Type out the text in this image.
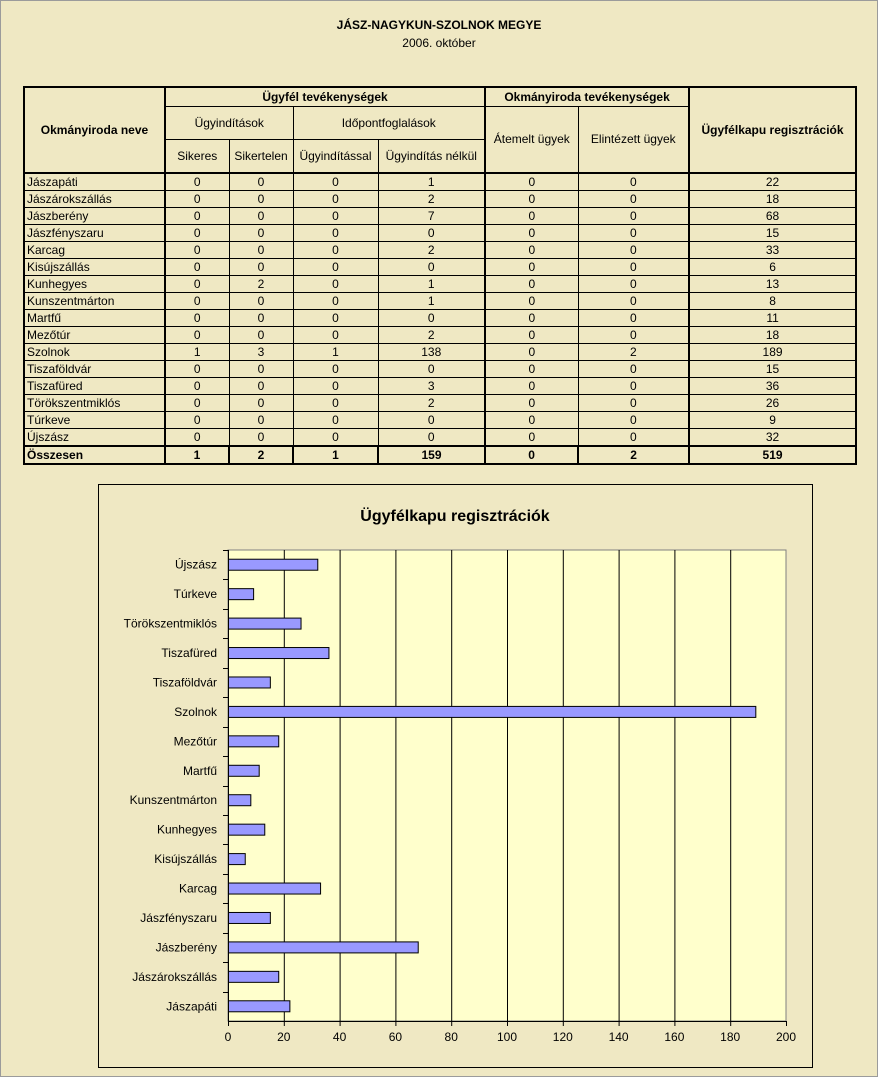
JÁSZ-NAGYKUN-SZOLNOK MEGYE
2006. október
Okmányiroda neve	Ügyfél tevékenységek				Okmányiroda tevékenységek		Ügyfélkapu regisztrációk
	Ügyindítások		Időpontfoglalások		Átemelt ügyek	Elintézett ügyek	
	Sikeres	Sikertelen	Ügyindítással	Ügyindítás nélkül			
Jászapáti	0	0	0	1	0	0	22
Jászárokszállás	0	0	0	2	0	0	18
Jászberény	0	0	0	7	0	0	68
Jászfényszaru	0	0	0	0	0	0	15
Karcag	0	0	0	2	0	0	33
Kisújszállás	0	0	0	0	0	0	6
Kunhegyes	0	2	0	1	0	0	13
Kunszentmárton	0	0	0	1	0	0	8
Martfű	0	0	0	0	0	0	11
Mezőtúr	0	0	0	2	0	0	18
Szolnok	1	3	1	138	0	2	189
Tiszaföldvár	0	0	0	0	0	0	15
Tiszafüred	0	0	0	3	0	0	36
Törökszentmiklós	0	0	0	2	0	0	26
Túrkeve	0	0	0	0	0	0	9
Újszász	0	0	0	0	0	0	32
Összesen	1	2	1	159	0	2	519
Ügyfélkapu regisztrációk
0	20	40	60	80	100	120	140	160	180	200
Jászapáti
Jászárokszállás
Jászberény
Jászfényszaru
Karcag
Kisújszállás
Kunhegyes
Kunszentmárton
Martfű
Mezőtúr
Szolnok
Tiszaföldvár
Tiszafüred
Törökszentmiklós
Túrkeve
Újszász
